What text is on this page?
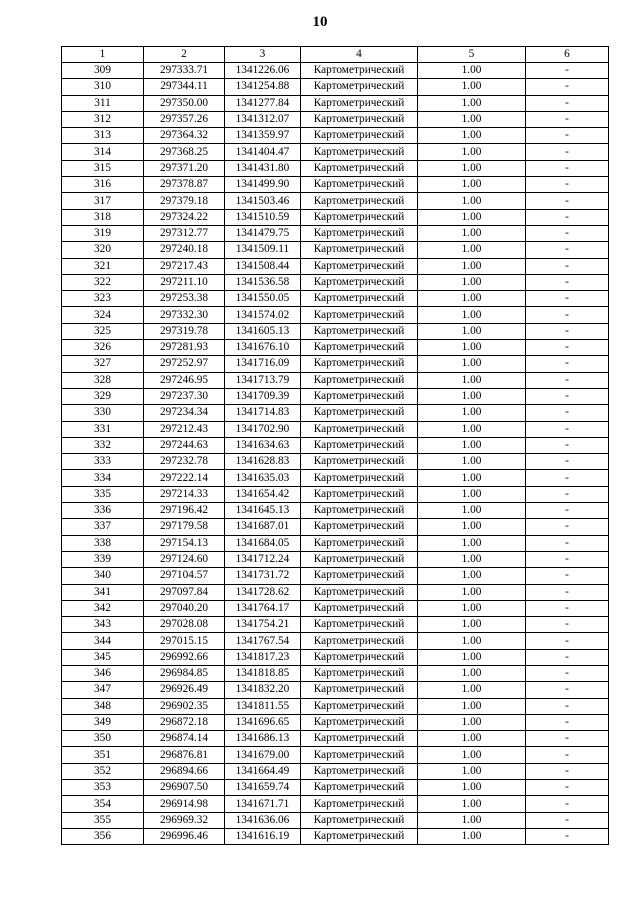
10
1	2	3	4	5	6
309	297333.71	1341226.06	Картометрический	1.00	-
310	297344.11	1341254.88	Картометрический	1.00	-
311	297350.00	1341277.84	Картометрический	1.00	-
312	297357.26	1341312.07	Картометрический	1.00	-
313	297364.32	1341359.97	Картометрический	1.00	-
314	297368.25	1341404.47	Картометрический	1.00	-
315	297371.20	1341431.80	Картометрический	1.00	-
316	297378.87	1341499.90	Картометрический	1.00	-
317	297379.18	1341503.46	Картометрический	1.00	-
318	297324.22	1341510.59	Картометрический	1.00	-
319	297312.77	1341479.75	Картометрический	1.00	-
320	297240.18	1341509.11	Картометрический	1.00	-
321	297217.43	1341508.44	Картометрический	1.00	-
322	297211.10	1341536.58	Картометрический	1.00	-
323	297253.38	1341550.05	Картометрический	1.00	-
324	297332.30	1341574.02	Картометрический	1.00	-
325	297319.78	1341605.13	Картометрический	1.00	-
326	297281.93	1341676.10	Картометрический	1.00	-
327	297252.97	1341716.09	Картометрический	1.00	-
328	297246.95	1341713.79	Картометрический	1.00	-
329	297237.30	1341709.39	Картометрический	1.00	-
330	297234.34	1341714.83	Картометрический	1.00	-
331	297212.43	1341702.90	Картометрический	1.00	-
332	297244.63	1341634.63	Картометрический	1.00	-
333	297232.78	1341628.83	Картометрический	1.00	-
334	297222.14	1341635.03	Картометрический	1.00	-
335	297214.33	1341654.42	Картометрический	1.00	-
336	297196.42	1341645.13	Картометрический	1.00	-
337	297179.58	1341687.01	Картометрический	1.00	-
338	297154.13	1341684.05	Картометрический	1.00	-
339	297124.60	1341712.24	Картометрический	1.00	-
340	297104.57	1341731.72	Картометрический	1.00	-
341	297097.84	1341728.62	Картометрический	1.00	-
342	297040.20	1341764.17	Картометрический	1.00	-
343	297028.08	1341754.21	Картометрический	1.00	-
344	297015.15	1341767.54	Картометрический	1.00	-
345	296992.66	1341817.23	Картометрический	1.00	-
346	296984.85	1341818.85	Картометрический	1.00	-
347	296926.49	1341832.20	Картометрический	1.00	-
348	296902.35	1341811.55	Картометрический	1.00	-
349	296872.18	1341696.65	Картометрический	1.00	-
350	296874.14	1341686.13	Картометрический	1.00	-
351	296876.81	1341679.00	Картометрический	1.00	-
352	296894.66	1341664.49	Картометрический	1.00	-
353	296907.50	1341659.74	Картометрический	1.00	-
354	296914.98	1341671.71	Картометрический	1.00	-
355	296969.32	1341636.06	Картометрический	1.00	-
356	296996.46	1341616.19	Картометрический	1.00	-
